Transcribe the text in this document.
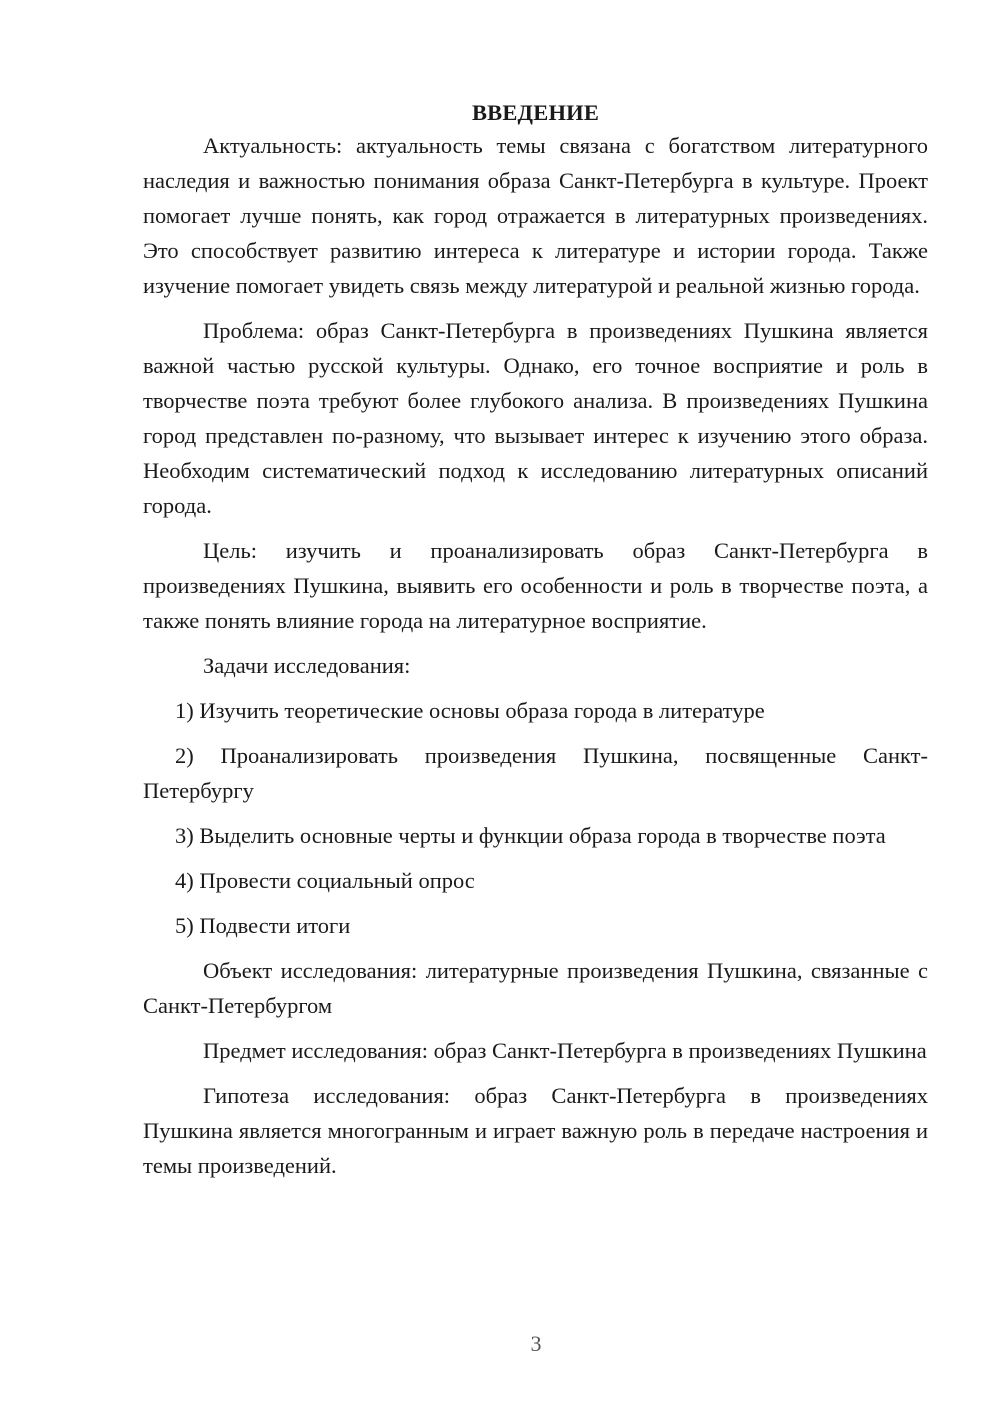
ВВЕДЕНИЕ

Актуальность: актуальность темы связана с богатством литературного наследия и важностью понимания образа Санкт-Петербурга в культуре. Проект помогает лучше понять, как город отражается в литературных произведениях. Это способствует развитию интереса к литературе и истории города. Также изучение помогает увидеть связь между литературой и реальной жизнью города.

Проблема: образ Санкт-Петербурга в произведениях Пушкина является важной частью русской культуры. Однако, его точное восприятие и роль в творчестве поэта требуют более глубокого анализа. В произведениях Пушкина город представлен по-разному, что вызывает интерес к изучению этого образа. Необходим систематический подход к исследованию литературных описаний города.

Цель: изучить и проанализировать образ Санкт-Петербурга в произведениях Пушкина, выявить его особенности и роль в творчестве поэта, а также понять влияние города на литературное восприятие.

Задачи исследования:

1) Изучить теоретические основы образа города в литературе

2) Проанализировать произведения Пушкина, посвященные Санкт-Петербургу

3) Выделить основные черты и функции образа города в творчестве поэта

4) Провести социальный опрос

5) Подвести итоги

Объект исследования: литературные произведения Пушкина, связанные с Санкт-Петербургом

Предмет исследования: образ Санкт-Петербурга в произведениях Пушкина

Гипотеза исследования: образ Санкт-Петербурга в произведениях Пушкина является многогранным и играет важную роль в передаче настроения и темы произведений.

3
